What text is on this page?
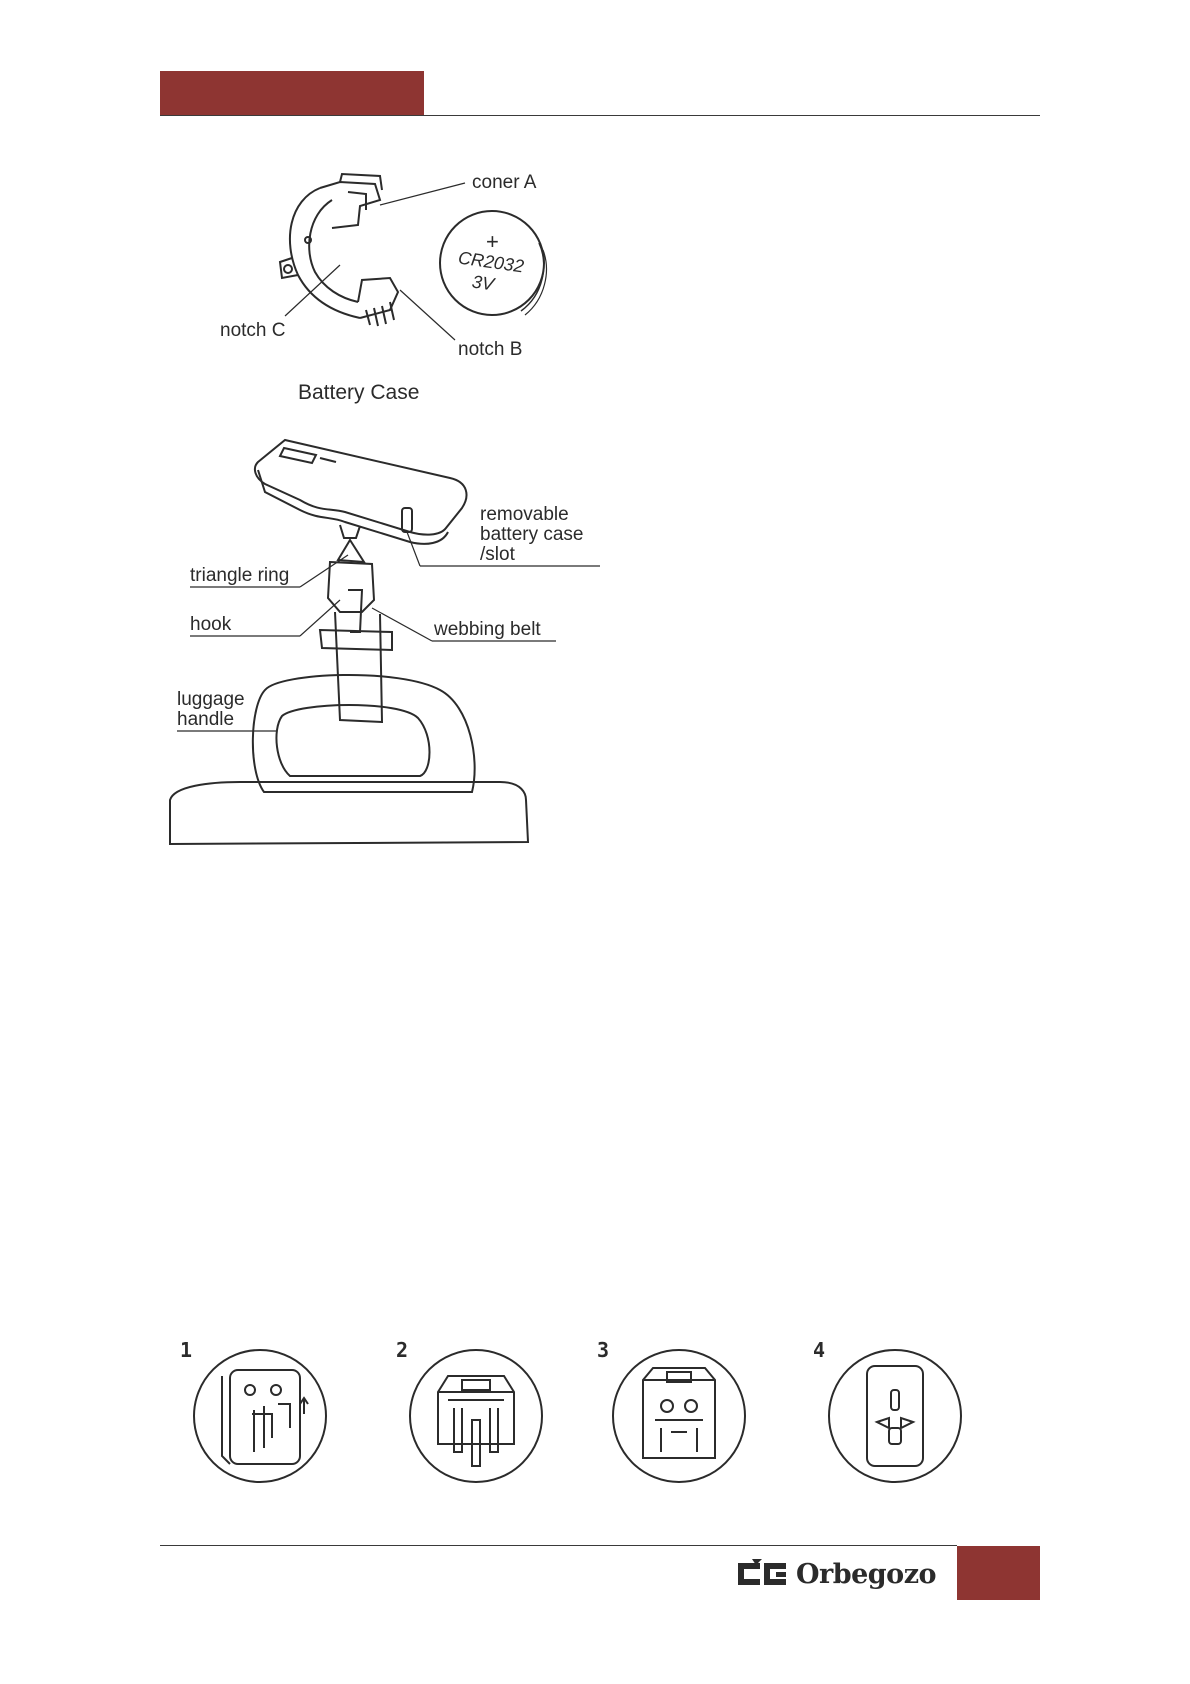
+
CR2032
3V
coner A
notch C
notch B
Battery Case
removable
battery case
/slot
triangle ring
hook	webbing belt
luggage
handle
1	2	3	4
Orbegozo
